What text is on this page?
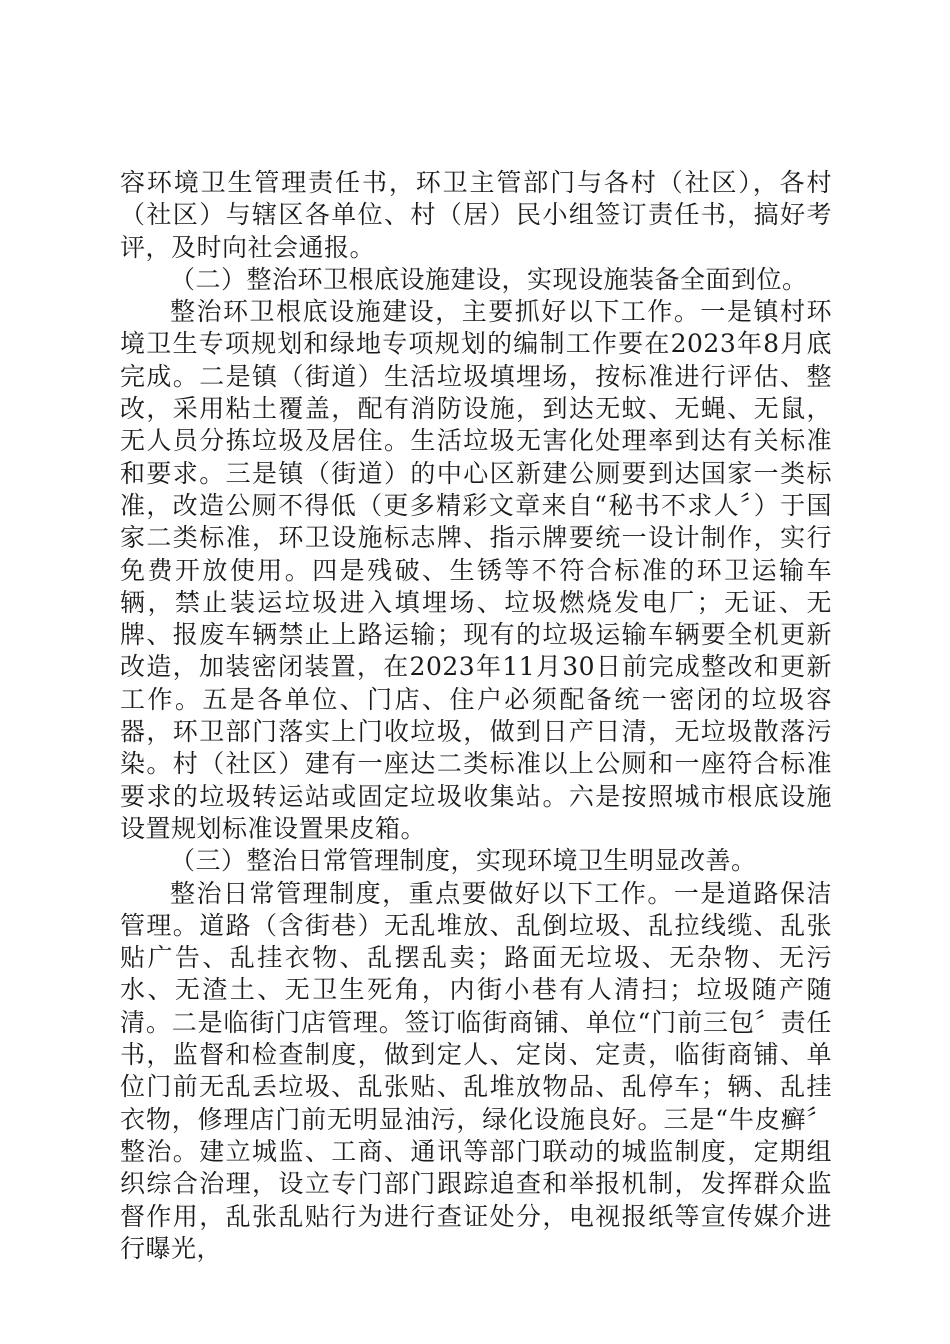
容环境卫生管理责任书，环卫主管部门与各村（社区），各村（社区）与辖区各单位、村（居）民小组签订责任书，搞好考评，及时向社会通报。

（二）整治环卫根底设施建设，实现设施装备全面到位。

整治环卫根底设施建设，主要抓好以下工作。一是镇村环境卫生专项规划和绿地专项规划的编制工作要在2023年8月底完成。二是镇（街道）生活垃圾填埋场，按标准进行评估、整改，采用粘土覆盖，配有消防设施，到达无蚊、无蝇、无鼠，无人员分拣垃圾及居住。生活垃圾无害化处理率到达有关标准和要求。三是镇（街道）的中心区新建公厕要到达国家一类标准，改造公厕不得低（更多精彩文章来自“秘书不求人〞）于国家二类标准，环卫设施标志牌、指示牌要统一设计制作，实行免费开放使用。四是残破、生锈等不符合标准的环卫运输车辆，禁止装运垃圾进入填埋场、垃圾燃烧发电厂；无证、无牌、报废车辆禁止上路运输；现有的垃圾运输车辆要全机更新改造，加装密闭装置，在2023年11月30日前完成整改和更新工作。五是各单位、门店、住户必须配备统一密闭的垃圾容器，环卫部门落实上门收垃圾，做到日产日清，无垃圾散落污染。村（社区）建有一座达二类标准以上公厕和一座符合标准要求的垃圾转运站或固定垃圾收集站。六是按照城市根底设施设置规划标准设置果皮箱。

（三）整治日常管理制度，实现环境卫生明显改善。

整治日常管理制度，重点要做好以下工作。一是道路保洁管理。道路（含街巷）无乱堆放、乱倒垃圾、乱拉线缆、乱张贴广告、乱挂衣物、乱摆乱卖；路面无垃圾、无杂物、无污水、无渣土、无卫生死角，内街小巷有人清扫；垃圾随产随清。二是临街门店管理。签订临街商铺、单位“门前三包〞责任书，监督和检查制度，做到定人、定岗、定责，临街商铺、单位门前无乱丢垃圾、乱张贴、乱堆放物品、乱停车；辆、乱挂衣物，修理店门前无明显油污，绿化设施良好。三是“牛皮癣〞整治。建立城监、工商、通讯等部门联动的城监制度，定期组织综合治理，设立专门部门跟踪追查和举报机制，发挥群众监督作用，乱张乱贴行为进行查证处分，电视报纸等宣传媒介进行曝光，
